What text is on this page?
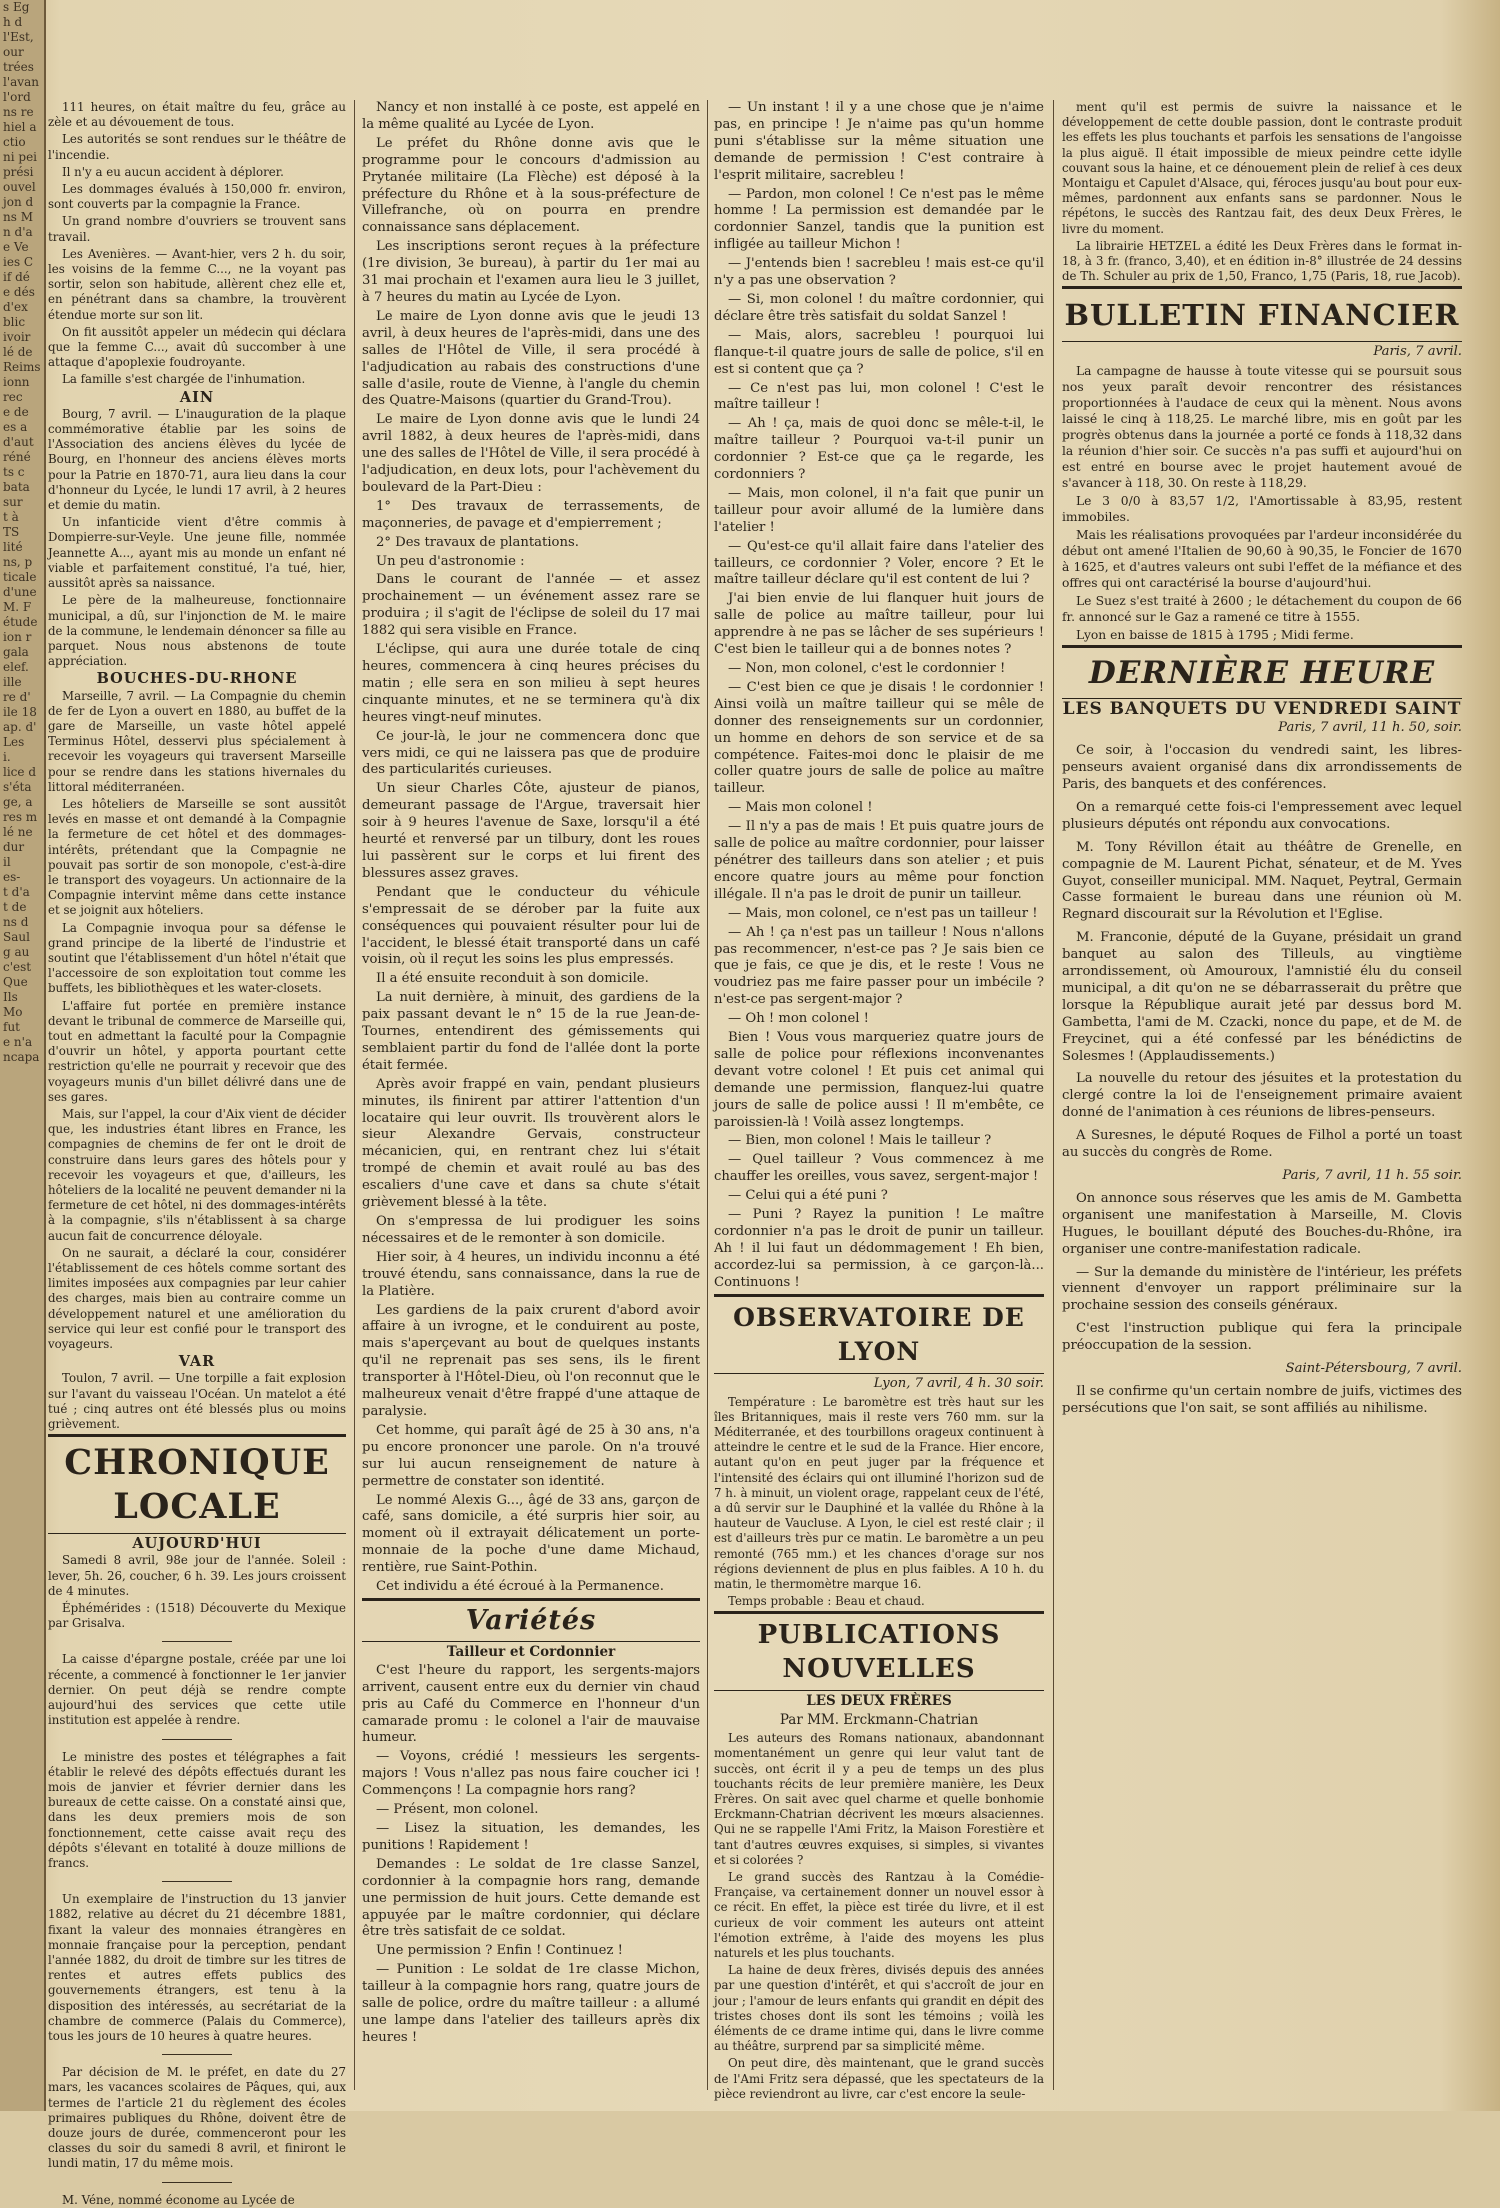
s Eg

h d

l'Est,

our

trées

l'avan

l'ord

ns re

hiel a

ctio

ni pei

prési

ouvel

jon d

ns M

n d'a

e Ve

ies C

if dé

e dés

d'ex

blic

ivoir

lé de

Reims

ionn

rec

e de

es a

d'aut

réné

ts c

bata

sur

t à

TS

lité

ns, p

ticale

d'une

M. F

étude

ion r

gala

elef.

ille

re d'

ile 18

ap. d'

Les

i.

lice d

s'éta

ge, a

res m

lé ne

dur

il

es-

t d'a

t de

ns d

Saul

g au

c'est

Que

Ils

Mo

fut

e n'a

ncapa

111 heures, on était maître du feu, grâce au zèle et au dévouement de tous.

Les autorités se sont rendues sur le théâtre de l'incendie.

Il n'y a eu aucun accident à déplorer.

Les dommages évalués à 150,000 fr. environ, sont couverts par la compagnie la France.

Un grand nombre d'ouvriers se trouvent sans travail.

Les Avenières. — Avant-hier, vers 2 h. du soir, les voisins de la femme C..., ne la voyant pas sortir, selon son habitude, allèrent chez elle et, en pénétrant dans sa chambre, la trouvèrent étendue morte sur son lit.

On fit aussitôt appeler un médecin qui déclara que la femme C..., avait dû succomber à une attaque d'apoplexie foudroyante.

La famille s'est chargée de l'inhumation.

AIN

Bourg, 7 avril. — L'inauguration de la plaque commémorative établie par les soins de l'Association des anciens élèves du lycée de Bourg, en l'honneur des anciens élèves morts pour la Patrie en 1870-71, aura lieu dans la cour d'honneur du Lycée, le lundi 17 avril, à 2 heures et demie du matin.

Un infanticide vient d'être commis à Dompierre-sur-Veyle. Une jeune fille, nommée Jeannette A..., ayant mis au monde un enfant né viable et parfaitement constitué, l'a tué, hier, aussitôt après sa naissance.

Le père de la malheureuse, fonctionnaire municipal, a dû, sur l'injonction de M. le maire de la commune, le lendemain dénoncer sa fille au parquet. Nous nous abstenons de toute appréciation.

BOUCHES-DU-RHONE

Marseille, 7 avril. — La Compagnie du chemin de fer de Lyon a ouvert en 1880, au buffet de la gare de Marseille, un vaste hôtel appelé Terminus Hôtel, desservi plus spécialement à recevoir les voyageurs qui traversent Marseille pour se rendre dans les stations hivernales du littoral méditerranéen.

Les hôteliers de Marseille se sont aussitôt levés en masse et ont demandé à la Compagnie la fermeture de cet hôtel et des dommages-intérêts, prétendant que la Compagnie ne pouvait pas sortir de son monopole, c'est-à-dire le transport des voyageurs. Un actionnaire de la Compagnie intervint même dans cette instance et se joignit aux hôteliers.

La Compagnie invoqua pour sa défense le grand principe de la liberté de l'industrie et soutint que l'établissement d'un hôtel n'était que l'accessoire de son exploitation tout comme les buffets, les bibliothèques et les water-closets.

L'affaire fut portée en première instance devant le tribunal de commerce de Marseille qui, tout en admettant la faculté pour la Compagnie d'ouvrir un hôtel, y apporta pourtant cette restriction qu'elle ne pourrait y recevoir que des voyageurs munis d'un billet délivré dans une de ses gares.

Mais, sur l'appel, la cour d'Aix vient de décider que, les industries étant libres en France, les compagnies de chemins de fer ont le droit de construire dans leurs gares des hôtels pour y recevoir les voyageurs et que, d'ailleurs, les hôteliers de la localité ne peuvent demander ni la fermeture de cet hôtel, ni des dommages-intérêts à la compagnie, s'ils n'établissent à sa charge aucun fait de concurrence déloyale.

On ne saurait, a déclaré la cour, considérer l'établissement de ces hôtels comme sortant des limites imposées aux compagnies par leur cahier des charges, mais bien au contraire comme un développement naturel et une amélioration du service qui leur est confié pour le transport des voyageurs.

VAR

Toulon, 7 avril. — Une torpille a fait explosion sur l'avant du vaisseau l'Océan. Un matelot a été tué ; cinq autres ont été blessés plus ou moins grièvement.

CHRONIQUE LOCALE

AUJOURD'HUI

Samedi 8 avril, 98e jour de l'année. Soleil : lever, 5h. 26, coucher, 6 h. 39. Les jours croissent de 4 minutes.

Éphémérides : (1518) Découverte du Mexique par Grisalva.

La caisse d'épargne postale, créée par une loi récente, a commencé à fonctionner le 1er janvier dernier. On peut déjà se rendre compte aujourd'hui des services que cette utile institution est appelée à rendre.

Le ministre des postes et télégraphes a fait établir le relevé des dépôts effectués durant les mois de janvier et février dernier dans les bureaux de cette caisse. On a constaté ainsi que, dans les deux premiers mois de son fonctionnement, cette caisse avait reçu des dépôts s'élevant en totalité à douze millions de francs.

Un exemplaire de l'instruction du 13 janvier 1882, relative au décret du 21 décembre 1881, fixant la valeur des monnaies étrangères en monnaie française pour la perception, pendant l'année 1882, du droit de timbre sur les titres de rentes et autres effets publics des gouvernements étrangers, est tenu à la disposition des intéressés, au secrétariat de la chambre de commerce (Palais du Commerce), tous les jours de 10 heures à quatre heures.

Par décision de M. le préfet, en date du 27 mars, les vacances scolaires de Pâques, qui, aux termes de l'article 21 du règlement des écoles primaires publiques du Rhône, doivent être de douze jours de durée, commenceront pour les classes du soir du samedi 8 avril, et finiront le lundi matin, 17 du même mois.

M. Véne, nommé économe au Lycée de

Nancy et non installé à ce poste, est appelé en la même qualité au Lycée de Lyon.

Le préfet du Rhône donne avis que le programme pour le concours d'admission au Prytanée militaire (La Flèche) est déposé à la préfecture du Rhône et à la sous-préfecture de Villefranche, où on pourra en prendre connaissance sans déplacement.

Les inscriptions seront reçues à la préfecture (1re division, 3e bureau), à partir du 1er mai au 31 mai prochain et l'examen aura lieu le 3 juillet, à 7 heures du matin au Lycée de Lyon.

Le maire de Lyon donne avis que le jeudi 13 avril, à deux heures de l'après-midi, dans une des salles de l'Hôtel de Ville, il sera procédé à l'adjudication au rabais des constructions d'une salle d'asile, route de Vienne, à l'angle du chemin des Quatre-Maisons (quartier du Grand-Trou).

Le maire de Lyon donne avis que le lundi 24 avril 1882, à deux heures de l'après-midi, dans une des salles de l'Hôtel de Ville, il sera procédé à l'adjudication, en deux lots, pour l'achèvement du boulevard de la Part-Dieu :

1° Des travaux de terrassements, de maçonneries, de pavage et d'empierrement ;

2° Des travaux de plantations.

Un peu d'astronomie :

Dans le courant de l'année — et assez prochainement — un événement assez rare se produira ; il s'agit de l'éclipse de soleil du 17 mai 1882 qui sera visible en France.

L'éclipse, qui aura une durée totale de cinq heures, commencera à cinq heures précises du matin ; elle sera en son milieu à sept heures cinquante minutes, et ne se terminera qu'à dix heures vingt-neuf minutes.

Ce jour-là, le jour ne commencera donc que vers midi, ce qui ne laissera pas que de produire des particularités curieuses.

Un sieur Charles Côte, ajusteur de pianos, demeurant passage de l'Argue, traversait hier soir à 9 heures l'avenue de Saxe, lorsqu'il a été heurté et renversé par un tilbury, dont les roues lui passèrent sur le corps et lui firent des blessures assez graves.

Pendant que le conducteur du véhicule s'empressait de se dérober par la fuite aux conséquences qui pouvaient résulter pour lui de l'accident, le blessé était transporté dans un café voisin, où il reçut les soins les plus empressés.

Il a été ensuite reconduit à son domicile.

La nuit dernière, à minuit, des gardiens de la paix passant devant le n° 15 de la rue Jean-de-Tournes, entendirent des gémissements qui semblaient partir du fond de l'allée dont la porte était fermée.

Après avoir frappé en vain, pendant plusieurs minutes, ils finirent par attirer l'attention d'un locataire qui leur ouvrit. Ils trouvèrent alors le sieur Alexandre Gervais, constructeur mécanicien, qui, en rentrant chez lui s'était trompé de chemin et avait roulé au bas des escaliers d'une cave et dans sa chute s'était grièvement blessé à la tête.

On s'empressa de lui prodiguer les soins nécessaires et de le remonter à son domicile.

Hier soir, à 4 heures, un individu inconnu a été trouvé étendu, sans connaissance, dans la rue de la Platière.

Les gardiens de la paix crurent d'abord avoir affaire à un ivrogne, et le conduirent au poste, mais s'aperçevant au bout de quelques instants qu'il ne reprenait pas ses sens, ils le firent transporter à l'Hôtel-Dieu, où l'on reconnut que le malheureux venait d'être frappé d'une attaque de paralysie.

Cet homme, qui paraît âgé de 25 à 30 ans, n'a pu encore prononcer une parole. On n'a trouvé sur lui aucun renseignement de nature à permettre de constater son identité.

Le nommé Alexis G..., âgé de 33 ans, garçon de café, sans domicile, a été surpris hier soir, au moment où il extrayait délicatement un porte-monnaie de la poche d'une dame Michaud, rentière, rue Saint-Pothin.

Cet individu a été écroué à la Permanence.

Variétés

Tailleur et Cordonnier

C'est l'heure du rapport, les sergents-majors arrivent, causent entre eux du dernier vin chaud pris au Café du Commerce en l'honneur d'un camarade promu : le colonel a l'air de mauvaise humeur.

— Voyons, crédié ! messieurs les sergents-majors ! Vous n'allez pas nous faire coucher ici ! Commençons ! La compagnie hors rang?

— Présent, mon colonel.

— Lisez la situation, les demandes, les punitions ! Rapidement !

Demandes : Le soldat de 1re classe Sanzel, cordonnier à la compagnie hors rang, demande une permission de huit jours. Cette demande est appuyée par le maître cordonnier, qui déclare être très satisfait de ce soldat.

Une permission ? Enfin ! Continuez !

— Punition : Le soldat de 1re classe Michon, tailleur à la compagnie hors rang, quatre jours de salle de police, ordre du maître tailleur : a allumé une lampe dans l'atelier des tailleurs après dix heures !

— Un instant ! il y a une chose que je n'aime pas, en principe ! Je n'aime pas qu'un homme puni s'établisse sur la même situation une demande de permission ! C'est contraire à l'esprit militaire, sacrebleu !

— Pardon, mon colonel ! Ce n'est pas le même homme ! La permission est demandée par le cordonnier Sanzel, tandis que la punition est infligée au tailleur Michon !

— J'entends bien ! sacrebleu ! mais est-ce qu'il n'y a pas une observation ?

— Si, mon colonel ! du maître cordonnier, qui déclare être très satisfait du soldat Sanzel !

— Mais, alors, sacrebleu ! pourquoi lui flanque-t-il quatre jours de salle de police, s'il en est si content que ça ?

— Ce n'est pas lui, mon colonel ! C'est le maître tailleur !

— Ah ! ça, mais de quoi donc se mêle-t-il, le maître tailleur ? Pourquoi va-t-il punir un cordonnier ? Est-ce que ça le regarde, les cordonniers ?

— Mais, mon colonel, il n'a fait que punir un tailleur pour avoir allumé de la lumière dans l'atelier !

— Qu'est-ce qu'il allait faire dans l'atelier des tailleurs, ce cordonnier ? Voler, encore ? Et le maître tailleur déclare qu'il est content de lui ?

J'ai bien envie de lui flanquer huit jours de salle de police au maître tailleur, pour lui apprendre à ne pas se lâcher de ses supérieurs ! C'est bien le tailleur qui a de bonnes notes ?

— Non, mon colonel, c'est le cordonnier !

— C'est bien ce que je disais ! le cordonnier ! Ainsi voilà un maître tailleur qui se mêle de donner des renseignements sur un cordonnier, un homme en dehors de son service et de sa compétence. Faites-moi donc le plaisir de me coller quatre jours de salle de police au maître tailleur.

— Mais mon colonel !

— Il n'y a pas de mais ! Et puis quatre jours de salle de police au maître cordonnier, pour laisser pénétrer des tailleurs dans son atelier ; et puis encore quatre jours au même pour fonction illégale. Il n'a pas le droit de punir un tailleur.

— Mais, mon colonel, ce n'est pas un tailleur !

— Ah ! ça n'est pas un tailleur ! Nous n'allons pas recommencer, n'est-ce pas ? Je sais bien ce que je fais, ce que je dis, et le reste ! Vous ne voudriez pas me faire passer pour un imbécile ? n'est-ce pas sergent-major ?

— Oh ! mon colonel !

Bien ! Vous vous marqueriez quatre jours de salle de police pour réflexions inconvenantes devant votre colonel ! Et puis cet animal qui demande une permission, flanquez-lui quatre jours de salle de police aussi ! Il m'embête, ce paroissien-là ! Voilà assez longtemps.

— Bien, mon colonel ! Mais le tailleur ?

— Quel tailleur ? Vous commencez à me chauffer les oreilles, vous savez, sergent-major !

— Celui qui a été puni ?

— Puni ? Rayez la punition ! Le maître cordonnier n'a pas le droit de punir un tailleur. Ah ! il lui faut un dédommagement ! Eh bien, accordez-lui sa permission, à ce garçon-là... Continuons !

OBSERVATOIRE DE LYON

Lyon, 7 avril, 4 h. 30 soir.

Température : Le baromètre est très haut sur les îles Britanniques, mais il reste vers 760 mm. sur la Méditerranée, et des tourbillons orageux continuent à atteindre le centre et le sud de la France. Hier encore, autant qu'on en peut juger par la fréquence et l'intensité des éclairs qui ont illuminé l'horizon sud de 7 h. à minuit, un violent orage, rappelant ceux de l'été, a dû servir sur le Dauphiné et la vallée du Rhône à la hauteur de Vaucluse. A Lyon, le ciel est resté clair ; il est d'ailleurs très pur ce matin. Le baromètre a un peu remonté (765 mm.) et les chances d'orage sur nos régions deviennent de plus en plus faibles. A 10 h. du matin, le thermomètre marque 16.

Temps probable : Beau et chaud.

PUBLICATIONS NOUVELLES

LES DEUX FRÈRES

Par MM. Erckmann-Chatrian

Les auteurs des Romans nationaux, abandonnant momentanément un genre qui leur valut tant de succès, ont écrit il y a peu de temps un des plus touchants récits de leur première manière, les Deux Frères. On sait avec quel charme et quelle bonhomie Erckmann-Chatrian décrivent les mœurs alsaciennes. Qui ne se rappelle l'Ami Fritz, la Maison Forestière et tant d'autres œuvres exquises, si simples, si vivantes et si colorées ?

Le grand succès des Rantzau à la Comédie-Française, va certainement donner un nouvel essor à ce récit. En effet, la pièce est tirée du livre, et il est curieux de voir comment les auteurs ont atteint l'émotion extrême, à l'aide des moyens les plus naturels et les plus touchants.

La haine de deux frères, divisés depuis des années par une question d'intérêt, et qui s'accroît de jour en jour ; l'amour de leurs enfants qui grandit en dépit des tristes choses dont ils sont les témoins ; voilà les éléments de ce drame intime qui, dans le livre comme au théâtre, surprend par sa simplicité même.

On peut dire, dès maintenant, que le grand succès de l'Ami Fritz sera dépassé, que les spectateurs de la pièce reviendront au livre, car c'est encore la seule-

ment qu'il est permis de suivre la naissance et le développement de cette double passion, dont le contraste produit les effets les plus touchants et parfois les sensations de l'angoisse la plus aiguë. Il était impossible de mieux peindre cette idylle couvant sous la haine, et ce dénouement plein de relief à ces deux Montaigu et Capulet d'Alsace, qui, féroces jusqu'au bout pour eux-mêmes, pardonnent aux enfants sans se pardonner. Nous le répétons, le succès des Rantzau fait, des deux Deux Frères, le livre du moment.

La librairie HETZEL a édité les Deux Frères dans le format in-18, à 3 fr. (franco, 3,40), et en édition in-8° illustrée de 24 dessins de Th. Schuler au prix de 1,50, Franco, 1,75 (Paris, 18, rue Jacob).

BULLETIN FINANCIER

Paris, 7 avril.

La campagne de hausse à toute vitesse qui se poursuit sous nos yeux paraît devoir rencontrer des résistances proportionnées à l'audace de ceux qui la mènent. Nous avons laissé le cinq à 118,25. Le marché libre, mis en goût par les progrès obtenus dans la journée a porté ce fonds à 118,32 dans la réunion d'hier soir. Ce succès n'a pas suffi et aujourd'hui on est entré en bourse avec le projet hautement avoué de s'avancer à 118, 30. On reste à 118,29.

Le 3 0/0 à 83,57 1/2, l'Amortissable à 83,95, restent immobiles.

Mais les réalisations provoquées par l'ardeur inconsidérée du début ont amené l'Italien de 90,60 à 90,35, le Foncier de 1670 à 1625, et d'autres valeurs ont subi l'effet de la méfiance et des offres qui ont caractérisé la bourse d'aujourd'hui.

Le Suez s'est traité à 2600 ; le détachement du coupon de 66 fr. annoncé sur le Gaz a ramené ce titre à 1555.

Lyon en baisse de 1815 à 1795 ; Midi ferme.

DERNIÈRE HEURE

LES BANQUETS DU VENDREDI SAINT

Paris, 7 avril, 11 h. 50, soir.

Ce soir, à l'occasion du vendredi saint, les libres-penseurs avaient organisé dans dix arrondissements de Paris, des banquets et des conférences.

On a remarqué cette fois-ci l'empressement avec lequel plusieurs députés ont répondu aux convocations.

M. Tony Révillon était au théâtre de Grenelle, en compagnie de M. Laurent Pichat, sénateur, et de M. Yves Guyot, conseiller municipal. MM. Naquet, Peytral, Germain Casse formaient le bureau dans une réunion où M. Regnard discourait sur la Révolution et l'Eglise.

M. Franconie, député de la Guyane, présidait un grand banquet au salon des Tilleuls, au vingtième arrondissement, où Amouroux, l'amnistié élu du conseil municipal, a dit qu'on ne se débarrasserait du prêtre que lorsque la République aurait jeté par dessus bord M. Gambetta, l'ami de M. Czacki, nonce du pape, et de M. de Freycinet, qui a été confessé par les bénédictins de Solesmes ! (Applaudissements.)

La nouvelle du retour des jésuites et la protestation du clergé contre la loi de l'enseignement primaire avaient donné de l'animation à ces réunions de libres-penseurs.

A Suresnes, le député Roques de Filhol a porté un toast au succès du congrès de Rome.

Paris, 7 avril, 11 h. 55 soir.

On annonce sous réserves que les amis de M. Gambetta organisent une manifestation à Marseille, M. Clovis Hugues, le bouillant député des Bouches-du-Rhône, ira organiser une contre-manifestation radicale.

— Sur la demande du ministère de l'intérieur, les préfets viennent d'envoyer un rapport préliminaire sur la prochaine session des conseils généraux.

C'est l'instruction publique qui fera la principale préoccupation de la session.

Saint-Pétersbourg, 7 avril.

Il se confirme qu'un certain nombre de juifs, victimes des persécutions que l'on sait, se sont affiliés au nihilisme.
